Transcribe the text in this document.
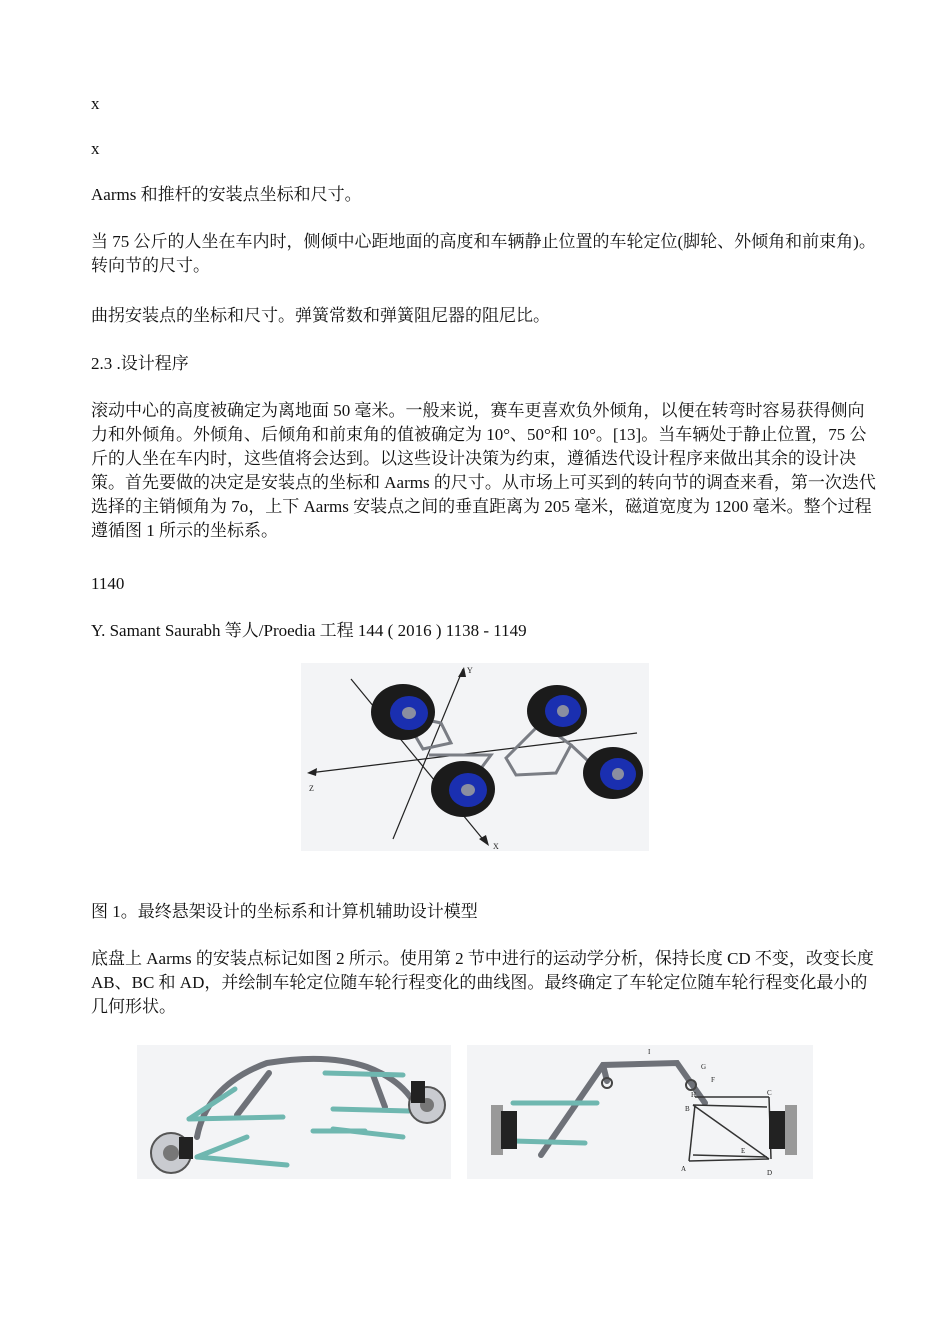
x

x

Aarms 和推杆的安装点坐标和尺寸。

当 75 公斤的人坐在车内时，侧倾中心距地面的高度和车辆静止位置的车轮定位(脚轮、外倾角和前束角)。转向节的尺寸。

曲拐安装点的坐标和尺寸。弹簧常数和弹簧阻尼器的阻尼比。

2.3 .设计程序

滚动中心的高度被确定为离地面 50 毫米。一般来说，赛车更喜欢负外倾角，以便在转弯时容易获得侧向力和外倾角。外倾角、后倾角和前束角的值被确定为 10°、50°和 10°。[13]。当车辆处于静止位置，75 公斤的人坐在车内时，这些值将会达到。以这些设计决策为约束，遵循迭代设计程序来做出其余的设计决策。首先要做的决定是安装点的坐标和 Aarms 的尺寸。从市场上可买到的转向节的调查来看，第一次迭代选择的主销倾角为 7o，上下 Aarms 安装点之间的垂直距离为 205 毫米，磁道宽度为 1200 毫米。整个过程遵循图 1 所示的坐标系。

1140

Y. Samant Saurabh 等人/Proedia 工程 144 ( 2016 ) 1138 - 1149

Y
Z
X

图 1。最终悬架设计的坐标系和计算机辅助设计模型

底盘上 Aarms 的安装点标记如图 2 所示。使用第 2 节中进行的运动学分析，保持长度 CD 不变，改变长度 AB、BC 和 AD，并绘制车轮定位随车轮行程变化的曲线图。最终确定了车轮定位随车轮行程变化最小的几何形状。

I
G
H
F
B
C
E
A	D
